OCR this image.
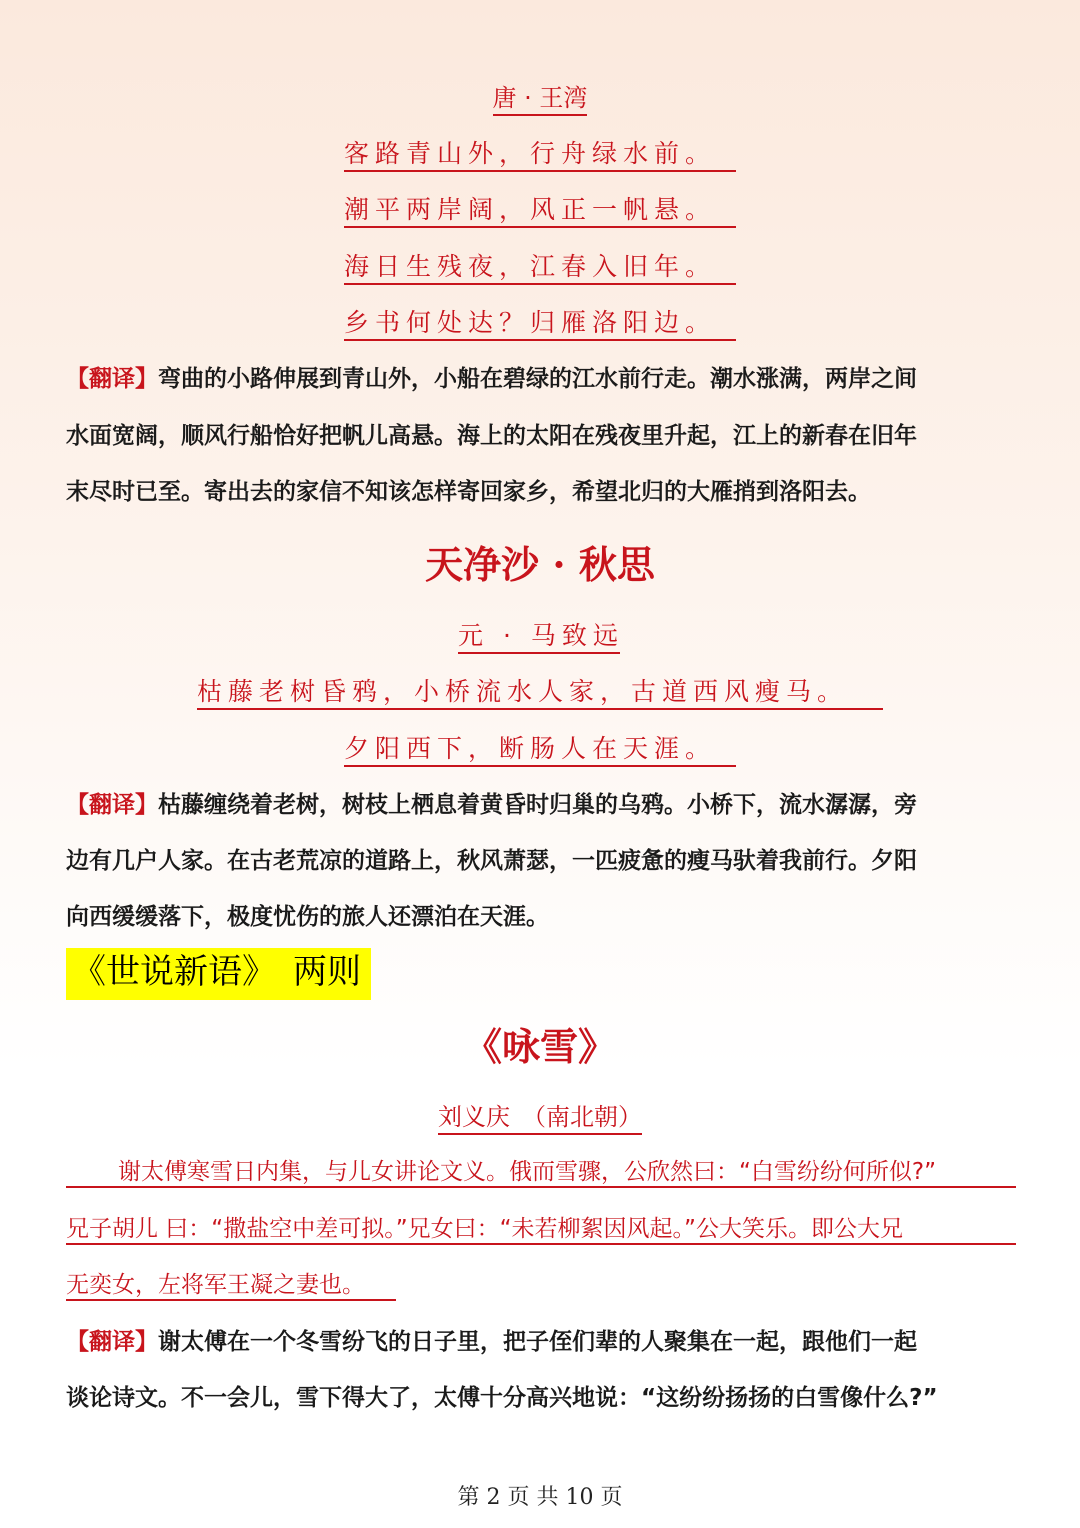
唐 · 王湾
客路青山外，行舟绿水前。
潮平两岸阔，风正一帆悬。
海日生残夜，江春入旧年。
乡书何处达？归雁洛阳边。
【翻译】弯曲的小路伸展到青山外，小船在碧绿的江水前行走。潮水涨满，两岸之间
水面宽阔，顺风行船恰好把帆儿高悬。海上的太阳在残夜里升起，江上的新春在旧年
末尽时已至。寄出去的家信不知该怎样寄回家乡，希望北归的大雁捎到洛阳去。
天净沙 · 秋思
元 · 马致远
枯藤老树昏鸦，小桥流水人家，古道西风瘦马。
夕阳西下，断肠人在天涯。
【翻译】枯藤缠绕着老树，树枝上栖息着黄昏时归巢的乌鸦。小桥下，流水潺潺，旁
边有几户人家。在古老荒凉的道路上，秋风萧瑟，一匹疲惫的瘦马驮着我前行。夕阳
向西缓缓落下，极度忧伤的旅人还漂泊在天涯。
《世说新语》　两则
《咏雪》
刘义庆　（南北朝）
谢太傅寒雪日内集，与儿女讲论文义。俄而雪骤，公欣然曰：“白雪纷纷何所似?”
兄子胡儿 曰：“撒盐空中差可拟。”兄女曰：“未若柳絮因风起。”公大笑乐。即公大兄
无奕女，左将军王凝之妻也。
【翻译】谢太傅在一个冬雪纷飞的日子里，把子侄们辈的人聚集在一起，跟他们一起
谈论诗文。不一会儿，雪下得大了，太傅十分高兴地说：“这纷纷扬扬的白雪像什么?”
第 2 页 共 10 页
